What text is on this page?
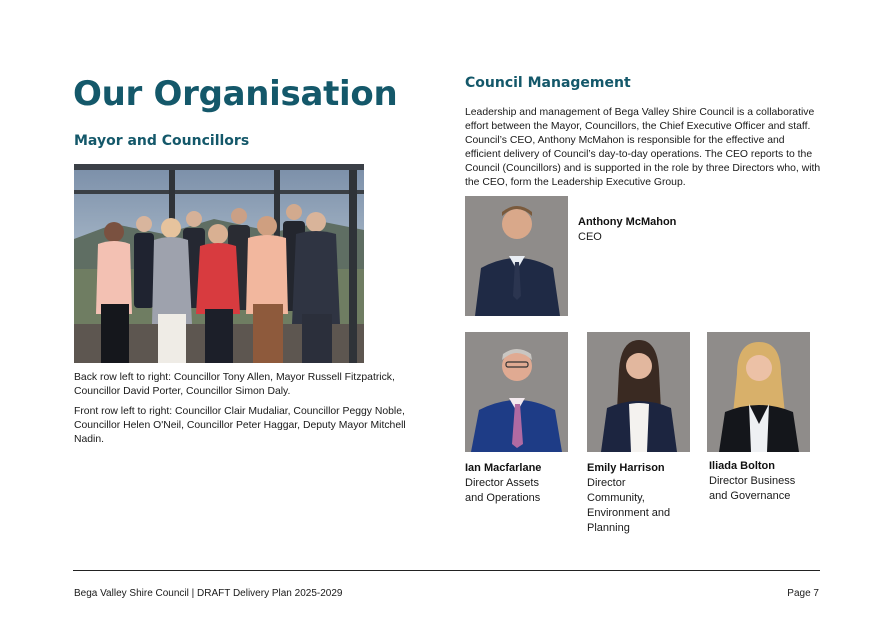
Our Organisation
Mayor and Councillors
Council Management

Back row left to right: Councillor Tony Allen, Mayor Russell Fitzpatrick, Councillor David Porter, Councillor Simon Daly.

Front row left to right: Councillor Clair Mudaliar, Councillor Peggy Noble, Councillor Helen O'Neil, Councillor Peter Haggar, Deputy Mayor Mitchell Nadin.

Leadership and management of Bega Valley Shire Council is a collaborative effort between the Mayor, Councillors, the Chief Executive Officer and staff. Council’s CEO, Anthony McMahon is responsible for the effective and efficient delivery of Council’s day-to-day operations. The CEO reports to the Council (Councillors) and is supported in the role by three Directors who, with the CEO, form the Leadership Executive Group.

Anthony McMahon
CEO
Ian Macfarlane
Director Assets
and Operations
Emily Harrison
Director
Community,
Environment and
Planning
Iliada Bolton
Director Business
and Governance
Bega Valley Shire Council | DRAFT Delivery Plan 2025-2029	Page 7
